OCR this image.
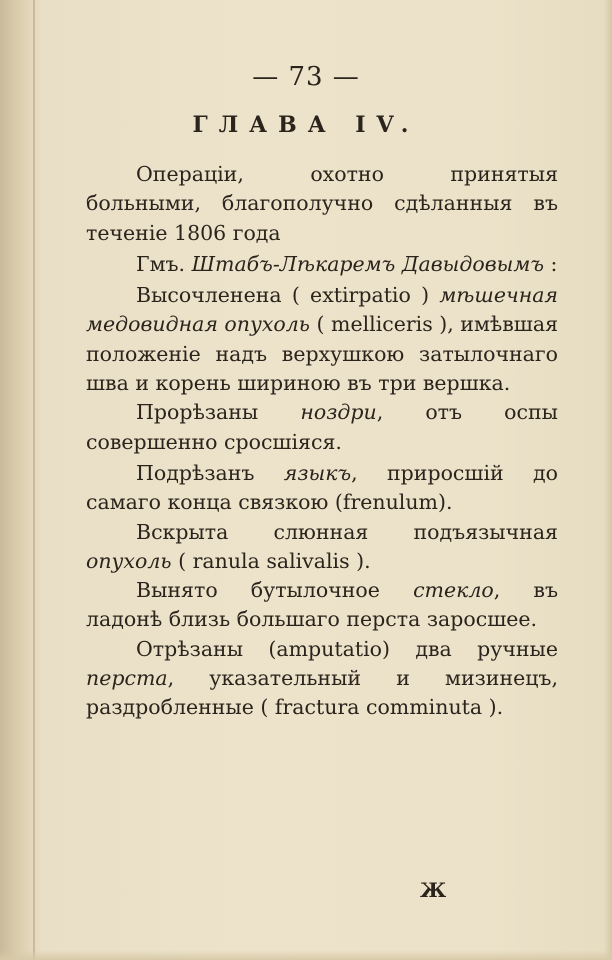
— 73 —
ГЛАВА IV.

Операціи, охотно принятыя больными, благополучно сдѣланныя въ теченіе 1806 года

Гмъ. Штабъ-Лѣкаремъ Давыдовымъ :

Высочленена ( extirpatio ) мѣшечная медовидная опухоль ( melliceris ), имѣвшая положеніе надъ верхушкою затылочнаго шва и корень шириною въ три вершка.

Прорѣзаны ноздри, отъ оспы совершенно сросшіяся.

Подрѣзанъ языкъ, приросшій до самаго конца связкою (frenulum).

Вскрыта слюнная подъязычная опухоль ( ranula salivalis ).

Вынято бутылочное стекло, въ ладонѣ близь большаго перста заросшее.

Отрѣзаны (amputatio) два ручные перста, указательный и мизинецъ, раздробленные ( fractura comminuta ).

Ж
